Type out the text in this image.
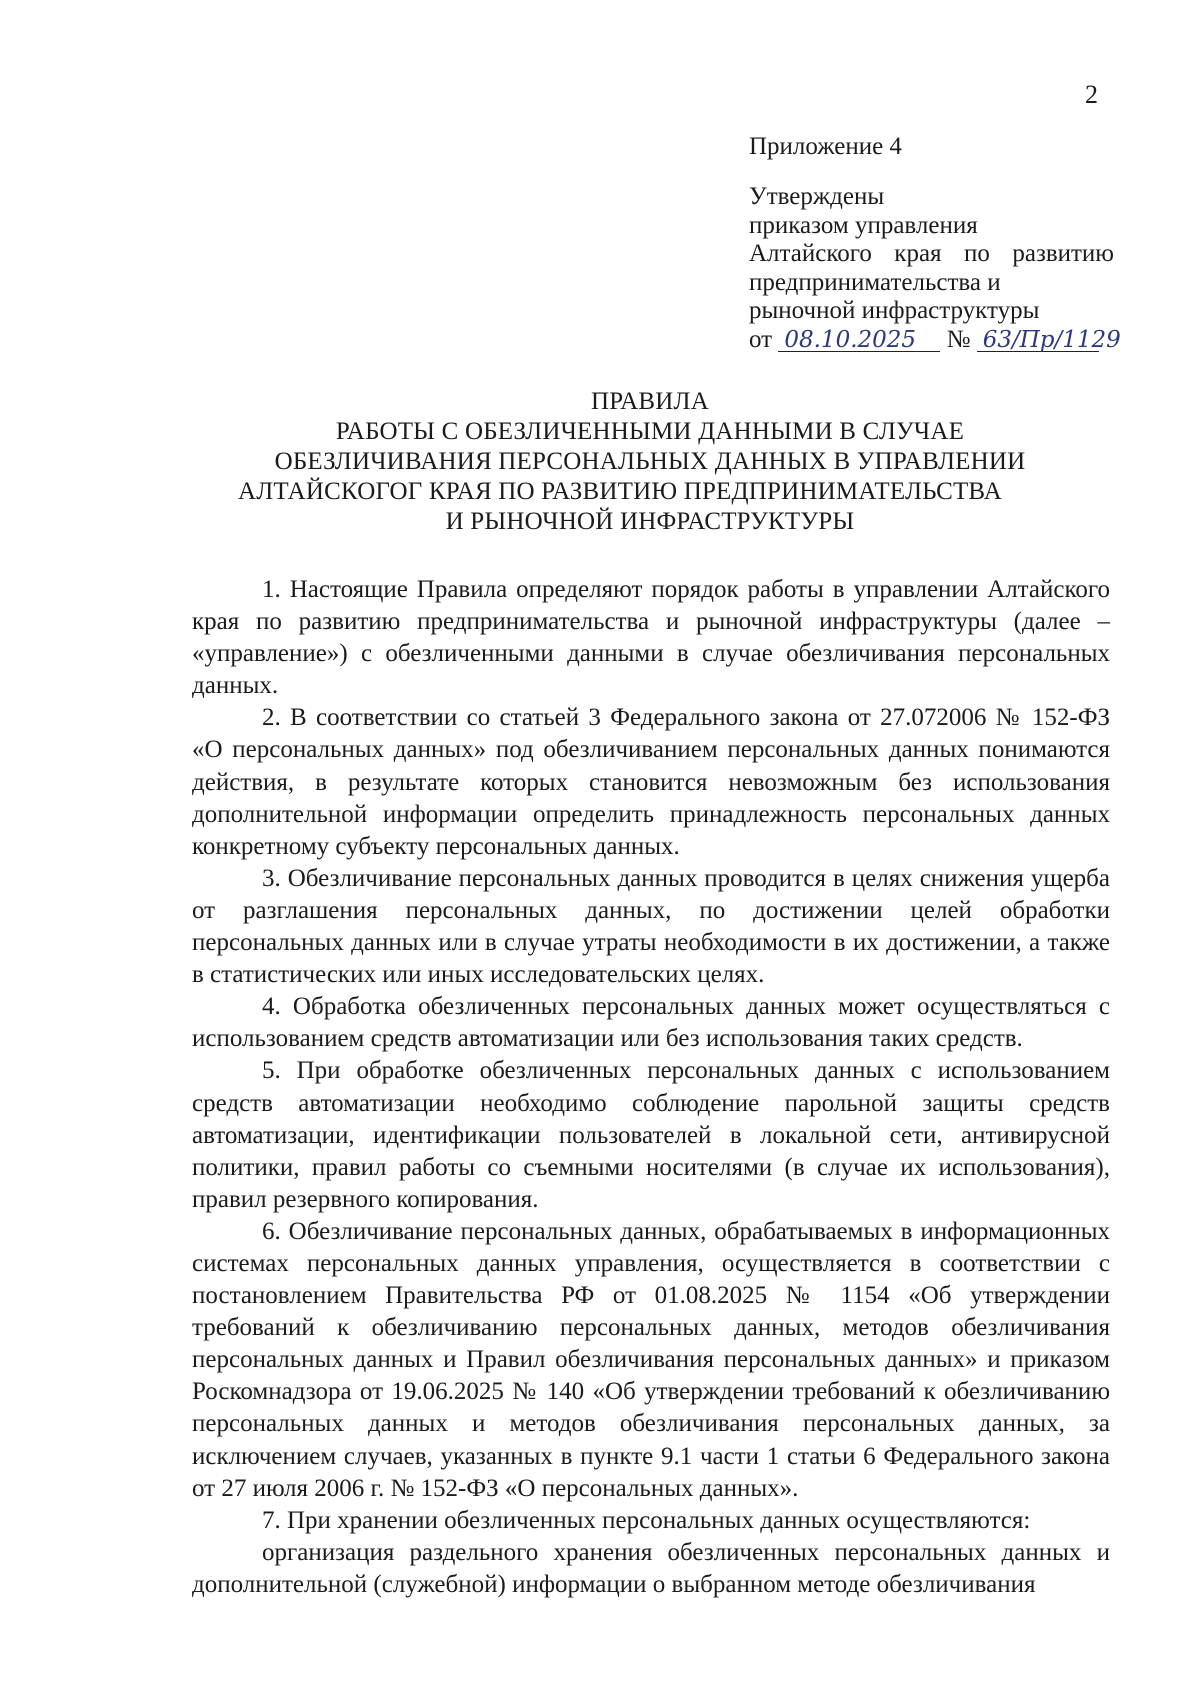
2
Приложение 4
Утверждены
приказом управления
Алтайского края по развитию
предпринимательства и
рыночной инфраструктуры
от 08.10.2025 № 63/Пр/1129
ПРАВИЛА
РАБОТЫ С ОБЕЗЛИЧЕННЫМИ ДАННЫМИ В СЛУЧАЕ
ОБЕЗЛИЧИВАНИЯ ПЕРСОНАЛЬНЫХ ДАННЫХ В УПРАВЛЕНИИ
АЛТАЙСКОГОГ КРАЯ ПО РАЗВИТИЮ ПРЕДПРИНИМАТЕЛЬСТВА
И РЫНОЧНОЙ ИНФРАСТРУКТУРЫ

1. Настоящие Правила определяют порядок работы в управлении Алтайского края по развитию предпринимательства и рыночной инфраструктуры (далее – «управление») с обезличенными данными в случае обезличивания персональных данных.

2. В соответствии со статьей 3 Федерального закона от 27.072006 № 152-ФЗ «О персональных данных» под обезличиванием персональных данных понимаются действия, в результате которых становится невозможным без использования дополнительной информации определить принадлежность персональных данных конкретному субъекту персональных данных.

3. Обезличивание персональных данных проводится в целях снижения ущерба от разглашения персональных данных, по достижении целей обработки персональных данных или в случае утраты необходимости в их достижении, а также в статистических или иных исследовательских целях.

4. Обработка обезличенных персональных данных может осуществляться с использованием средств автоматизации или без использования таких средств.

5. При обработке обезличенных персональных данных с использованием средств автоматизации необходимо соблюдение парольной защиты средств автоматизации, идентификации пользователей в локальной сети, антивирусной политики, правил работы со съемными носителями (в случае их использования), правил резервного копирования.

6. Обезличивание персональных данных, обрабатываемых в информационных системах персональных данных управления, осуществляется в соответствии с постановлением Правительства РФ от 01.08.2025 № 1154 «Об утверждении требований к обезличиванию персональных данных, методов обезличивания персональных данных и Правил обезличивания персональных данных» и приказом Роскомнадзора от 19.06.2025 № 140 «Об утверждении требований к обезличиванию персональных данных и методов обезличивания персональных данных, за исключением случаев, указанных в пункте 9.1 части 1 статьи 6 Федерального закона от 27 июля 2006 г. № 152-ФЗ «О персональных данных».

7. При хранении обезличенных персональных данных осуществляются:

организация раздельного хранения обезличенных персональных данных и дополнительной (служебной) информации о выбранном методе обезличивания
